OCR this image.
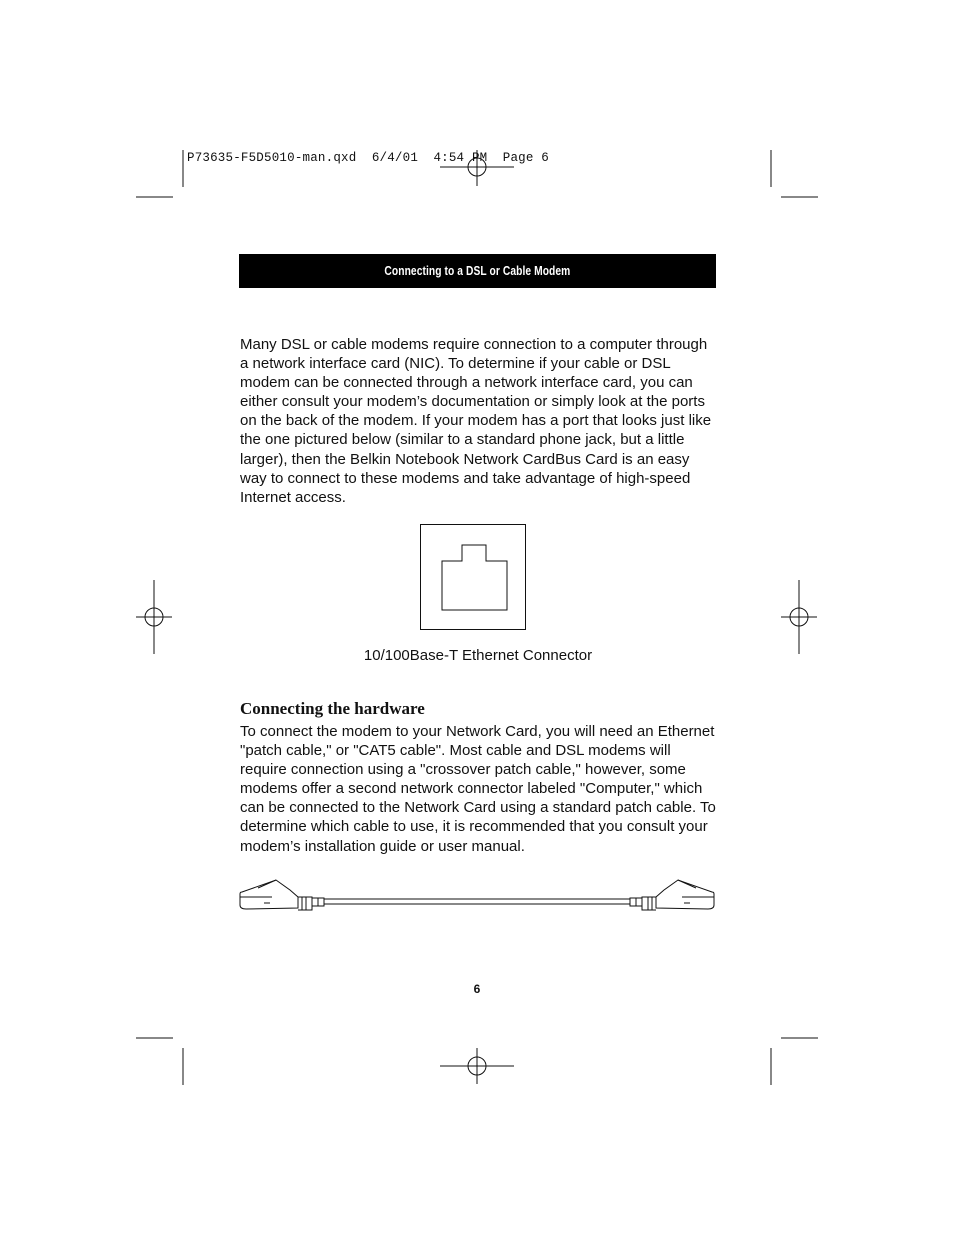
P73635-F5D5010-man.qxd  6/4/01  4:54 PM  Page 6
Connecting to a DSL or Cable Modem

Many DSL or cable modems require connection to a computer through a network interface card (NIC). To determine if your cable or DSL modem can be connected through a network interface card, you can either consult your modem’s documentation or simply look at the ports on the back of the modem. If your modem has a port that looks just like the one pictured below (similar to a standard phone jack, but a little larger), then the Belkin Notebook Network CardBus Card is an easy way to connect to these modems and take advantage of high-speed Internet access.

10/100Base-T Ethernet Connector
Connecting the hardware

To connect the modem to your Network Card, you will need an Ethernet "patch cable," or "CAT5 cable". Most cable and DSL modems will require connection using a "crossover patch cable," however, some modems offer a second network connector labeled "Computer," which can be connected to the Network Card using a standard patch cable. To determine which cable to use, it is recommended that you consult your modem’s installation guide or user manual.

6
